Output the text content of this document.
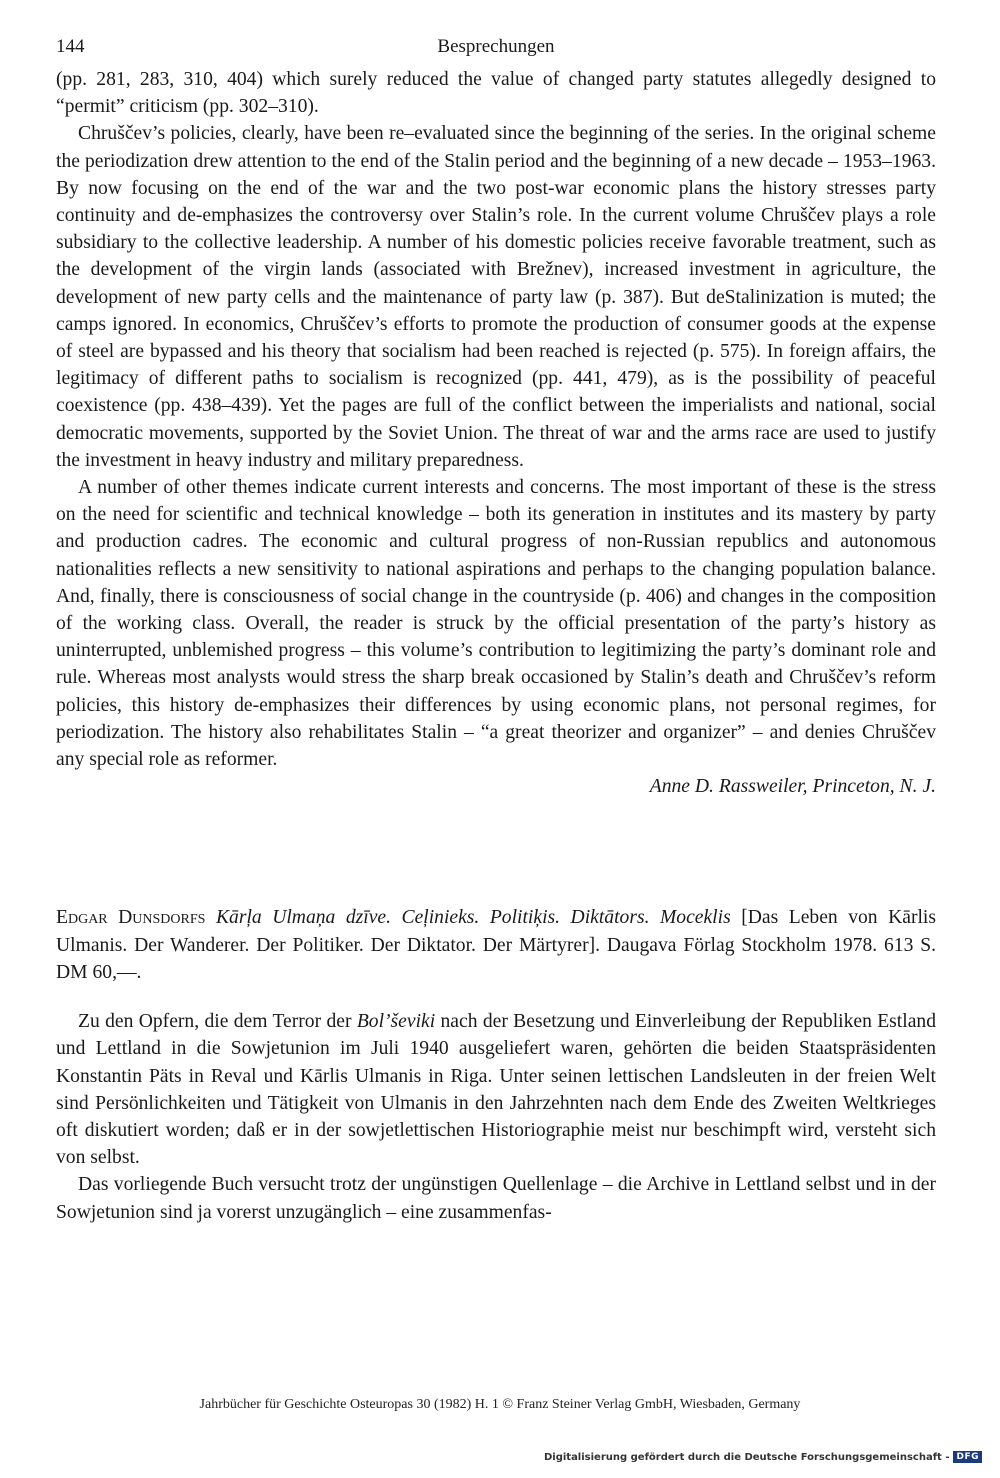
144	Besprechungen

(pp. 281, 283, 310, 404) which surely reduced the value of changed party statutes allegedly designed to “permit” criticism (pp. 302–310).

Chruščev’s policies, clearly, have been re–evaluated since the beginning of the series. In the original scheme the periodization drew attention to the end of the Stalin period and the beginning of a new decade – 1953–1963. By now focusing on the end of the war and the two post-war economic plans the history stresses party continuity and de-emphasizes the controversy over Stalin’s role. In the current volume Chruščev plays a role subsidiary to the collective leadership. A number of his domestic policies receive favorable treatment, such as the development of the virgin lands (associated with Brežnev), increased investment in agriculture, the development of new party cells and the maintenance of party law (p. 387). But deStalinization is muted; the camps ignored. In economics, Chruščev’s efforts to promote the production of consumer goods at the expense of steel are bypassed and his theory that socialism had been reached is rejected (p. 575). In foreign affairs, the legitimacy of different paths to socialism is recognized (pp. 441, 479), as is the possibility of peaceful coexistence (pp. 438–439). Yet the pages are full of the conflict between the imperialists and national, social democratic movements, supported by the Soviet Union. The threat of war and the arms race are used to justify the investment in heavy industry and military preparedness.

A number of other themes indicate current interests and concerns. The most important of these is the stress on the need for scientific and technical knowledge – both its generation in institutes and its mastery by party and production cadres. The economic and cultural progress of non-Russian republics and autonomous nationalities reflects a new sensitivity to national aspirations and perhaps to the changing population balance. And, finally, there is consciousness of social change in the countryside (p. 406) and changes in the composition of the working class. Overall, the reader is struck by the official presentation of the party’s history as uninterrupted, unblemished progress – this volume’s contribution to legitimizing the party’s dominant role and rule. Whereas most analysts would stress the sharp break occasioned by Stalin’s death and Chruščev’s reform policies, this history de-emphasizes their differences by using economic plans, not personal regimes, for periodization. The history also rehabilitates Stalin – “a great theorizer and organizer” – and denies Chruščev any special role as reformer.

Anne D. Rassweiler, Princeton, N. J.

Edgar Dunsdorfs Kārļa Ulmaņa dzīve. Ceļinieks. Politiķis. Diktātors. Moceklis [Das Leben von Kārlis Ulmanis. Der Wanderer. Der Politiker. Der Diktator. Der Märtyrer]. Daugava Förlag Stockholm 1978. 613 S. DM 60,—.

Zu den Opfern, die dem Terror der Bol’ševiki nach der Besetzung und Einverleibung der Republiken Estland und Lettland in die Sowjetunion im Juli 1940 ausgeliefert waren, gehörten die beiden Staatspräsidenten Konstantin Päts in Reval und Kārlis Ulmanis in Riga. Unter seinen lettischen Landsleuten in der freien Welt sind Persönlichkeiten und Tätigkeit von Ulmanis in den Jahrzehnten nach dem Ende des Zweiten Weltkrieges oft diskutiert worden; daß er in der sowjetlettischen Historiographie meist nur beschimpft wird, versteht sich von selbst.

Das vorliegende Buch versucht trotz der ungünstigen Quellenlage – die Archive in Lettland selbst und in der Sowjetunion sind ja vorerst unzugänglich – eine zusammenfas-

Jahrbücher für Geschichte Osteuropas 30 (1982) H. 1 © Franz Steiner Verlag GmbH, Wiesbaden, Germany
Digitalisierung gefördert durch die Deutsche Forschungsgemeinschaft - DFG
